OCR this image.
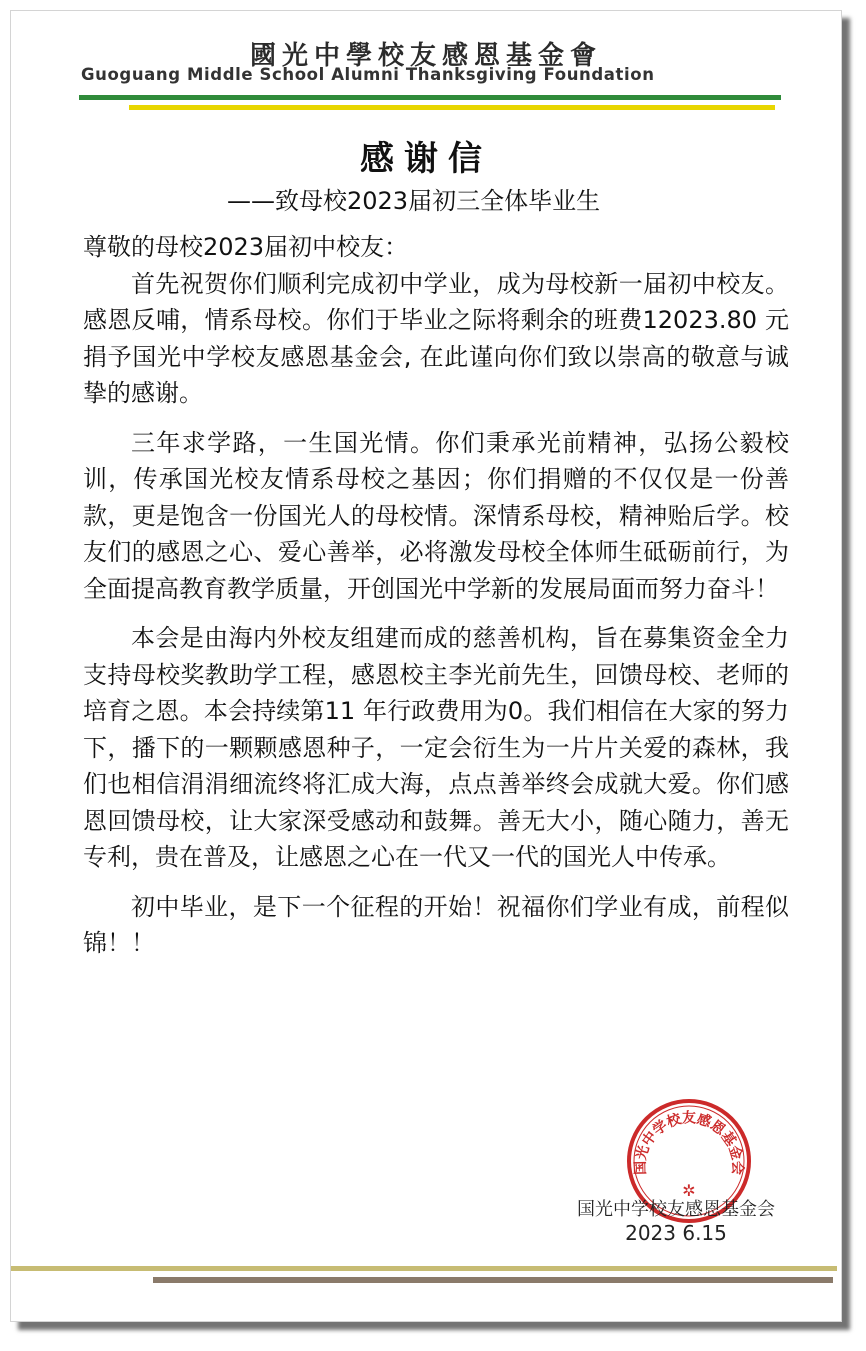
國光中學校友感恩基金會
Guoguang Middle School Alumni Thanksgiving Foundation
感谢信
——致母校2023届初三全体毕业生

尊敬的母校2023届初中校友：

首先祝贺你们顺利完成初中学业，成为母校新一届初中校友。感恩反哺，情系母校。你们于毕业之际将剩余的班费12023.80 元捐予国光中学校友感恩基金会, 在此谨向你们致以崇高的敬意与诚挚的感谢。

三年求学路，一生国光情。你们秉承光前精神，弘扬公毅校训，传承国光校友情系母校之基因；你们捐赠的不仅仅是一份善款，更是饱含一份国光人的母校情。深情系母校，精神贻后学。校友们的感恩之心、爱心善举，必将激发母校全体师生砥砺前行，为全面提高教育教学质量，开创国光中学新的发展局面而努力奋斗！

本会是由海内外校友组建而成的慈善机构，旨在募集资金全力支持母校奖教助学工程，感恩校主李光前先生，回馈母校、老师的培育之恩。本会持续第11 年行政费用为0。我们相信在大家的努力下，播下的一颗颗感恩种子，一定会衍生为一片片关爱的森林，我们也相信涓涓细流终将汇成大海，点点善举终会成就大爱。你们感恩回馈母校，让大家深受感动和鼓舞。善无大小，随心随力，善无专利，贵在普及，让感恩之心在一代又一代的国光人中传承。

初中毕业，是下一个征程的开始！祝福你们学业有成，前程似锦！！

国光中学校友感恩基金会
✲
国光中学校友感恩基金会
2023 6.15
